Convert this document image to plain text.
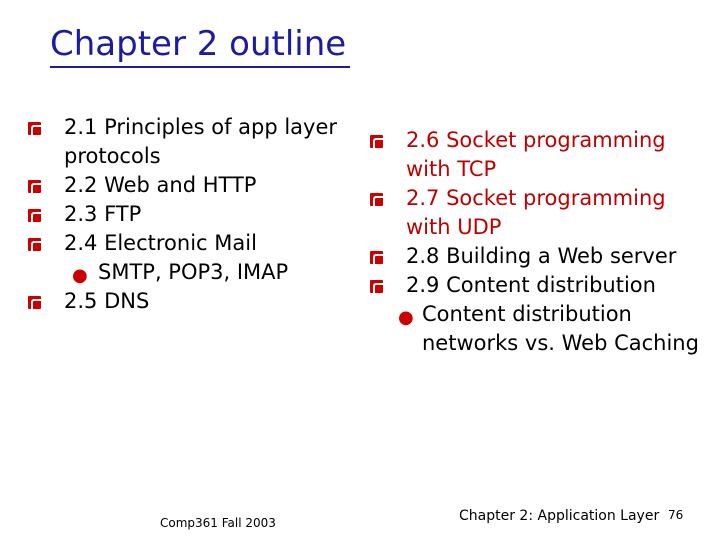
Chapter 2 outline
2.1 Principles of app layer protocols
2.2 Web and HTTP
2.3 FTP
2.4 Electronic Mail
● SMTP, POP3, IMAP
2.5 DNS
2.6 Socket programming with TCP
2.7 Socket programming with UDP
2.8 Building a Web server
2.9 Content distribution
● Content distribution networks vs. Web Caching
Comp361 Fall 2003	Chapter 2: Application Layer 76
